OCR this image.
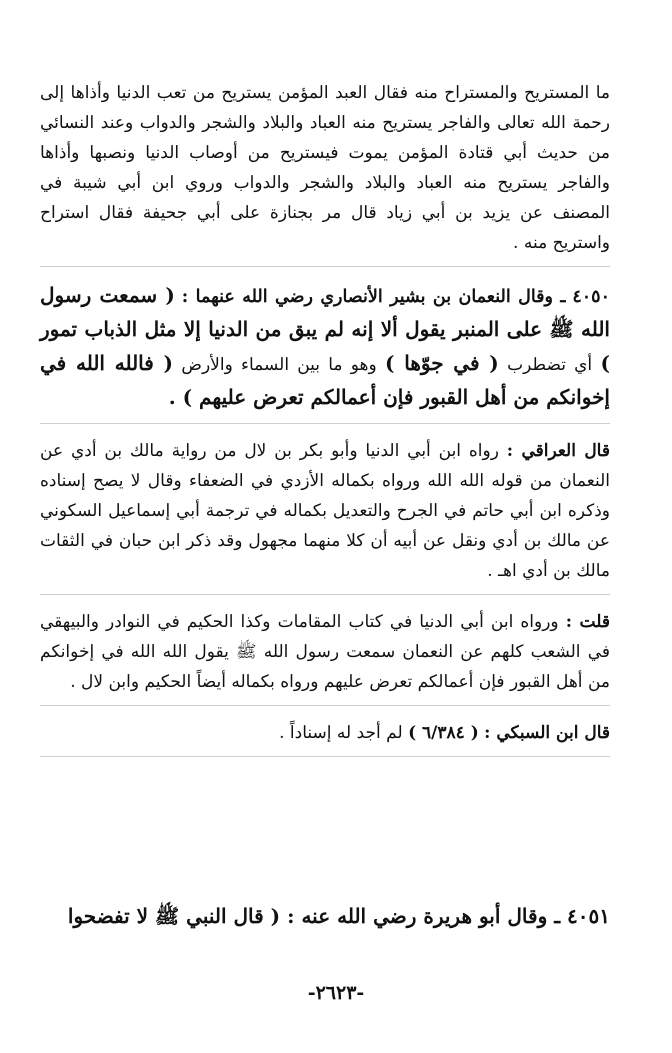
ما المستريح والمستراح منه فقال العبد المؤمن يستريح من تعب الدنيا وأذاها إلى رحمة الله تعالى والفاجر يستريح منه العباد والبلاد والشجر والدواب وعند النسائي من حديث أبي قتادة المؤمن يموت فيستريح من أوصاب الدنيا ونصبها وأذاها والفاجر يستريح منه العباد والبلاد والشجر والدواب وروي ابن أبي شيبة في المصنف عن يزيد بن أبي زياد قال مر بجنازة على أبي جحيفة فقال استراح واستريح منه .

٤٠٥٠ ـ وقال النعمان بن بشير الأنصاري رضي الله عنهما : ( سمعت رسول الله ﷺ على المنبر يقول ألا إنه لم يبق من الدنيا إلا مثل الذباب تمور ) أي تضطرب ( في جوّها ) وهو ما بين السماء والأرض ( فالله الله في إخوانكم من أهل القبور فإن أعمالكم تعرض عليهم ) .

قال العراقي : رواه ابن أبي الدنيا وأبو بكر بن لال من رواية مالك بن أدي عن النعمان من قوله الله الله ورواه بكماله الأزدي في الضعفاء وقال لا يصح إسناده وذكره ابن أبي حاتم في الجرح والتعديل بكماله في ترجمة أبي إسماعيل السكوني عن مالك بن أدي ونقل عن أبيه أن كلا منهما مجهول وقد ذكر ابن حبان في الثقات مالك بن أدي اهـ .

قلت : ورواه ابن أبي الدنيا في كتاب المقامات وكذا الحكيم في النوادر والبيهقي في الشعب كلهم عن النعمان سمعت رسول الله ﷺ يقول الله الله في إخوانكم من أهل القبور فإن أعمالكم تعرض عليهم ورواه بكماله أيضاً الحكيم وابن لال .

قال ابن السبكي : ( ٦/٣٨٤ ) لم أجد له إسناداً .

٤٠٥١ ـ وقال أبو هريرة رضي الله عنه : ( قال النبي ﷺ لا تفضحوا
-٢٦٢٣-
